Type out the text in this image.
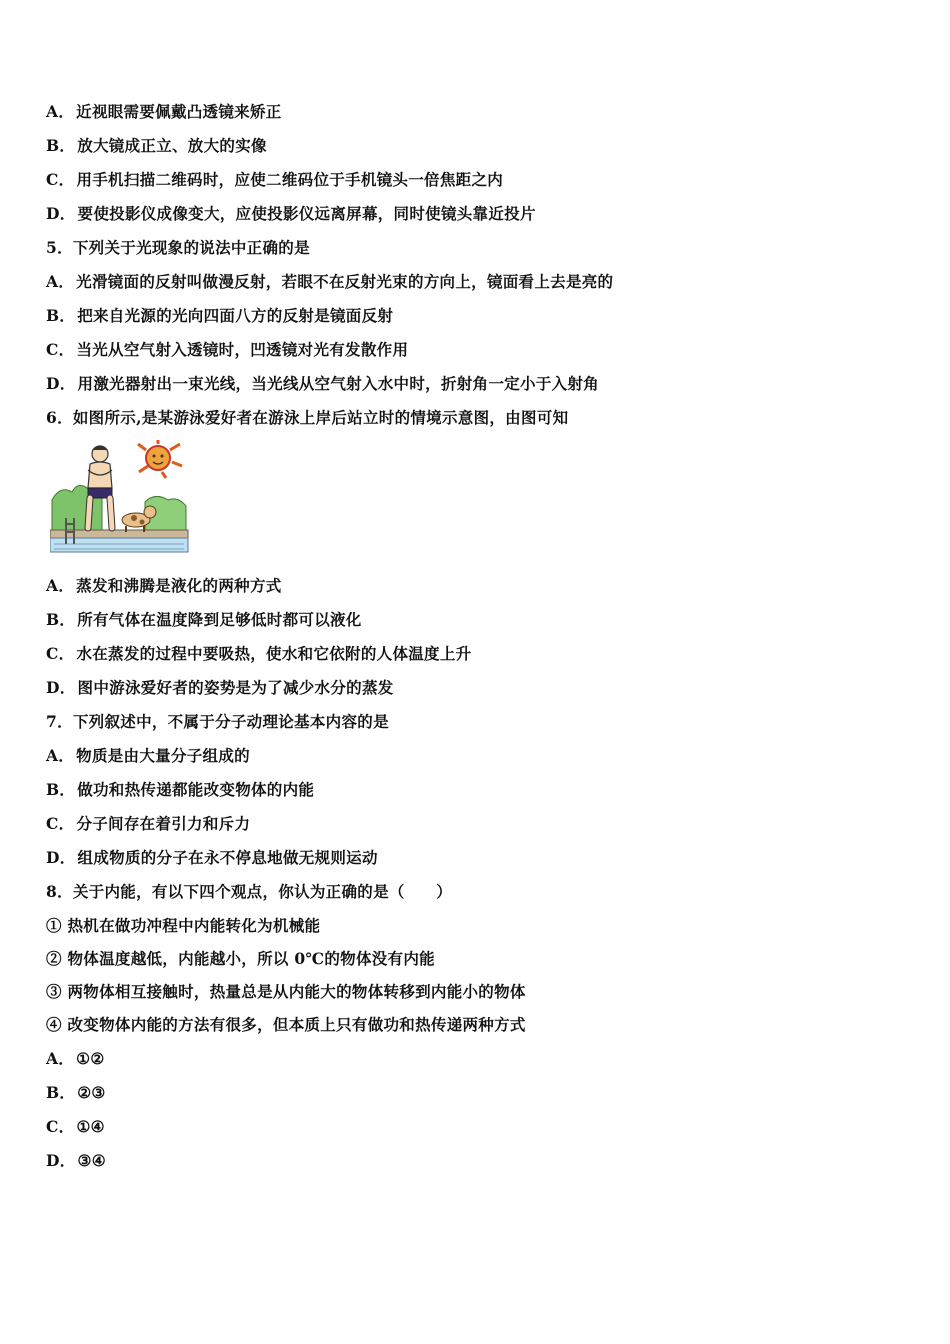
A． 近视眼需要佩戴凸透镜来矫正
B． 放大镜成正立、放大的实像
C． 用手机扫描二维码时，应使二维码位于手机镜头一倍焦距之内
D． 要使投影仪成像变大，应使投影仪远离屏幕，同时使镜头靠近投片
5．下列关于光现象的说法中正确的是
A． 光滑镜面的反射叫做漫反射，若眼不在反射光束的方向上，镜面看上去是亮的
B． 把来自光源的光向四面八方的反射是镜面反射
C． 当光从空气射入透镜时，凹透镜对光有发散作用
D． 用激光器射出一束光线，当光线从空气射入水中时，折射角一定小于入射角
6．如图所示,是某游泳爱好者在游泳上岸后站立时的情境示意图，由图可知
A． 蒸发和沸腾是液化的两种方式
B． 所有气体在温度降到足够低时都可以液化
C． 水在蒸发的过程中要吸热，使水和它依附的人体温度上升
D． 图中游泳爱好者的姿势是为了减少水分的蒸发
7．下列叙述中，不属于分子动理论基本内容的是
A． 物质是由大量分子组成的
B． 做功和热传递都能改变物体的内能
C． 分子间存在着引力和斥力
D． 组成物质的分子在永不停息地做无规则运动
8．关于内能，有以下四个观点，你认为正确的是（　　）
① 热机在做功冲程中内能转化为机械能
② 物体温度越低，内能越小，所以 0℃的物体没有内能
③ 两物体相互接触时，热量总是从内能大的物体转移到内能小的物体
④ 改变物体内能的方法有很多，但本质上只有做功和热传递两种方式
A． ①②
B． ②③
C． ①④
D． ③④
